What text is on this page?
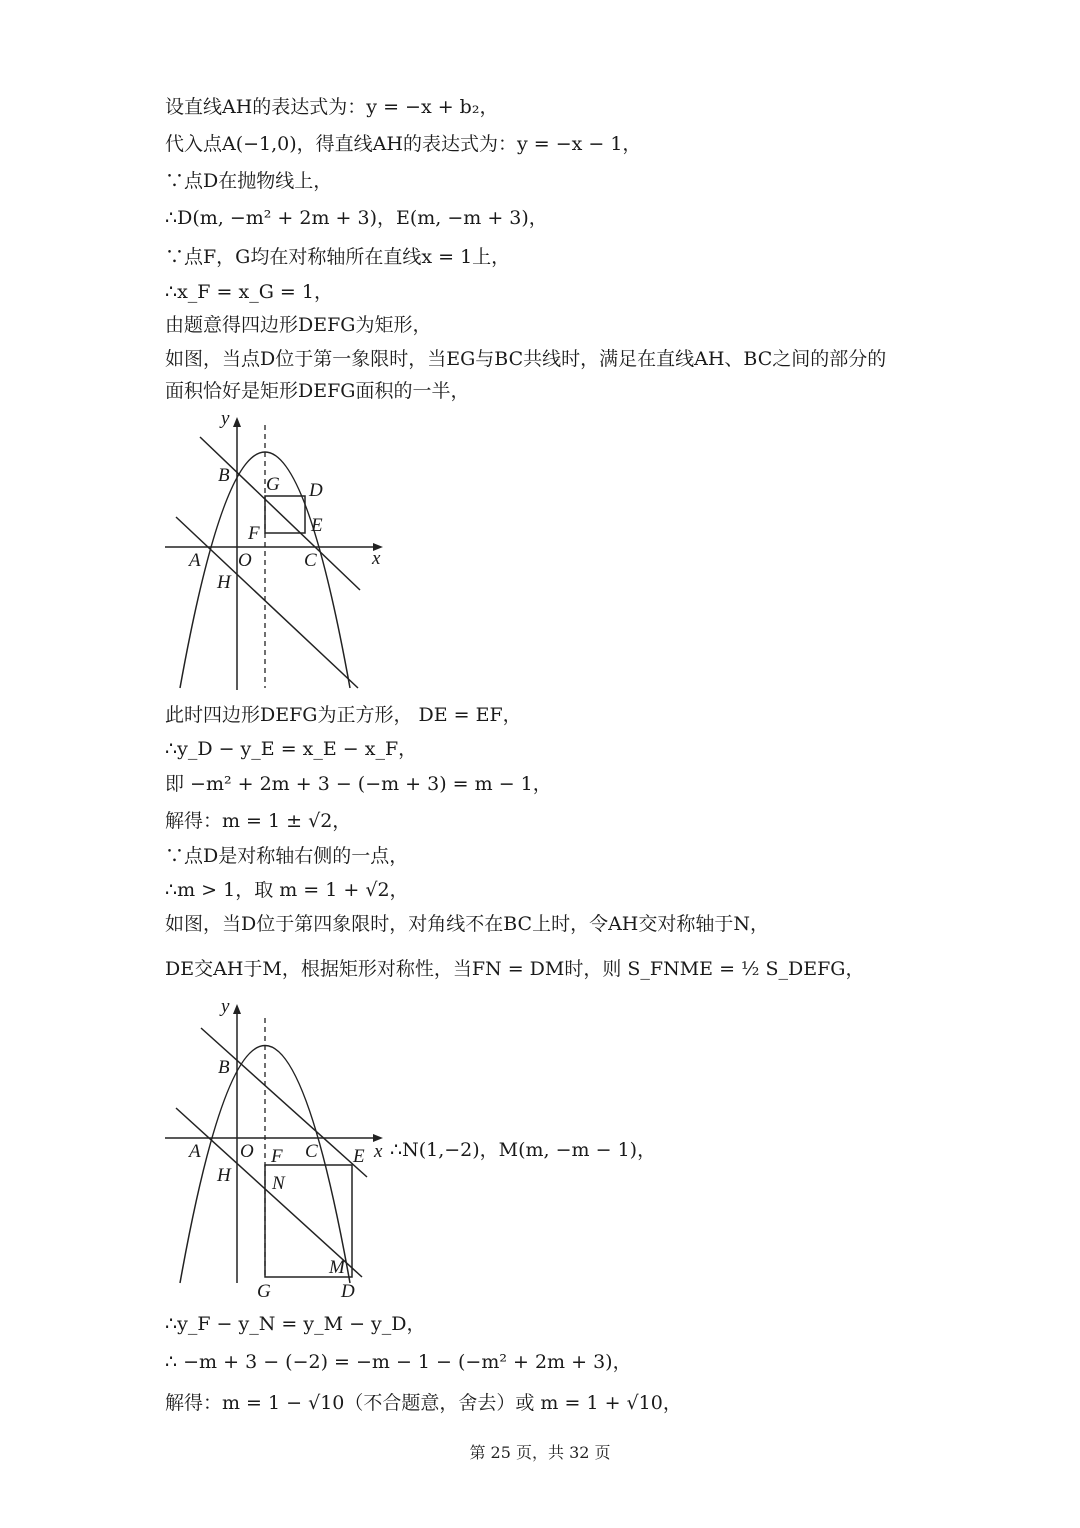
设直线AH的表达式为：y = −x + b₂，
代入点A(−1,0)，得直线AH的表达式为：y = −x − 1，
∵点D在抛物线上，
∴D(m, −m² + 2m + 3)，E(m, −m + 3)，
∵点F，G均在对称轴所在直线x = 1上，
∴x_F = x_G = 1，
由题意得四边形DEFG为矩形，
如图，当点D位于第一象限时，当EG与BC共线时，满足在直线AH、BC之间的部分的
面积恰好是矩形DEFG面积的一半，
y
x
B G D
F	E
A O	C
H
此时四边形DEFG为正方形， DE = EF，
∴y_D − y_E = x_E − x_F，
即 −m² + 2m + 3 − (−m + 3) = m − 1，
解得：m = 1 ± √2，
∵点D是对称轴右侧的一点，
∴m > 1，取 m = 1 + √2，
如图，当D位于第四象限时，对角线不在BC上时，令AH交对称轴于N，
DE交AH于M，根据矩形对称性，当FN = DM时，则 S_FNME = ½ S_DEFG，
y
x
B
A O F C E
H N
M
G	D
∴N(1,−2)，M(m, −m − 1)，
∴y_F − y_N = y_M − y_D，
∴ −m + 3 − (−2) = −m − 1 − (−m² + 2m + 3)，
解得：m = 1 − √10（不合题意，舍去）或 m = 1 + √10，
第 25 页，共 32 页
